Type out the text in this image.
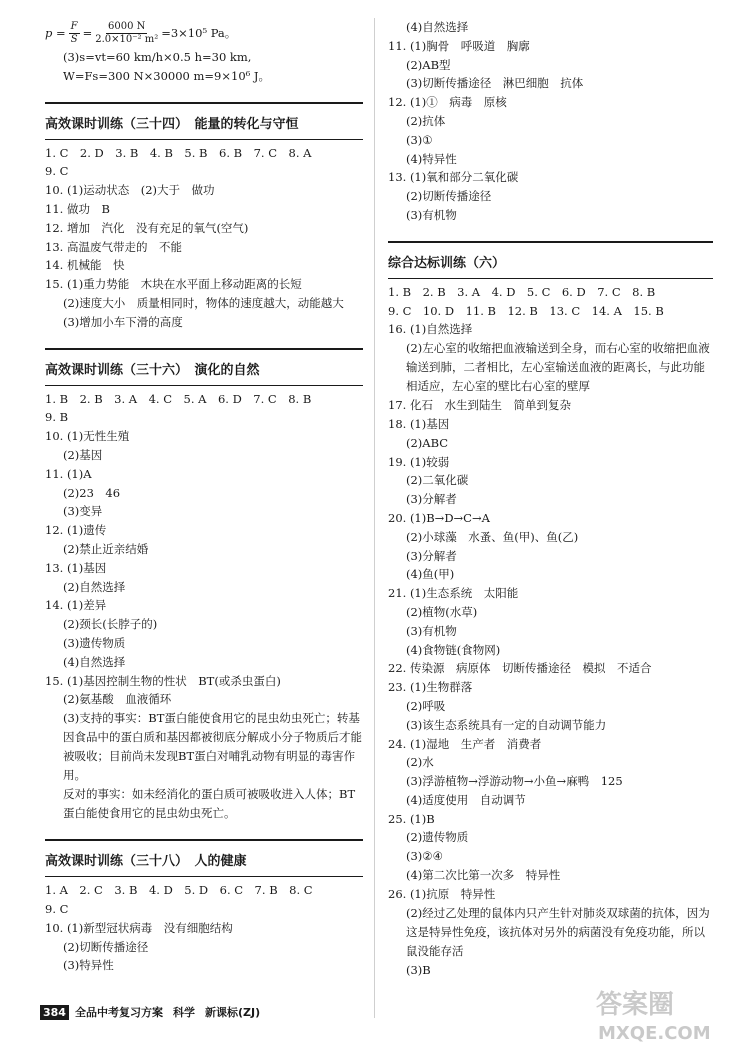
$p = \frac{F}{S} = \frac{6000 N}{\text{2.0×10⁻² m²}} =3\times 10^5$ Pa。
(3)s=vt=60 km/h×0.5 h=30 km,
W=Fs=300 N×30000 m=9×10⁶ J。
高效课时训练（三十四）　能量的转化与守恒
1. C　2. D　3. B　4. B　5. B　6. B　7. C　8. A
9. C
10. (1)运动状态　(2)大于　做功
11. 做功　B
12. 增加　汽化　没有充足的氧气(空气)
13. 高温废气带走的　不能
14. 机械能　快
15. (1)重力势能　木块在水平面上移动距离的长短
(2)速度大小　质量相同时，物体的速度越大，动能越大
(3)增加小车下滑的高度
高效课时训练（三十六）　演化的自然
1. B　2. B　3. A　4. C　5. A　6. D　7. C　8. B
9. B
10. (1)无性生殖
(2)基因
11. (1)A
(2)23　46
(3)变异
12. (1)遗传
(2)禁止近亲结婚
13. (1)基因
(2)自然选择
14. (1)差异
(2)颈长(长脖子的)
(3)遗传物质
(4)自然选择
15. (1)基因控制生物的性状　BT(或杀虫蛋白)
(2)氨基酸　血液循环
(3)支持的事实：BT蛋白能使食用它的昆虫幼虫死亡；转基因食品中的蛋白质和基因都被彻底分解成小分子物质后才能被吸收；目前尚未发现BT蛋白对哺乳动物有明显的毒害作用。
反对的事实：如未经消化的蛋白质可被吸收进入人体；BT蛋白能使食用它的昆虫幼虫死亡。
高效课时训练（三十八）　人的健康
1. A　2. C　3. B　4. D　5. D　6. C　7. B　8. C
9. C
10. (1)新型冠状病毒　没有细胞结构
(2)切断传播途径
(3)特异性
(4)自然选择
11. (1)胸骨　呼吸道　胸廓
(2)AB型
(3)切断传播途径　淋巴细胞　抗体
12. (1)①　病毒　原核
(2)抗体
(3)①
(4)特异性
13. (1)氧和部分二氧化碳
(2)切断传播途径
(3)有机物
综合达标训练（六）
1. B　2. B　3. A　4. D　5. C　6. D　7. C　8. B
9. C　10. D　11. B　12. B　13. C　14. A　15. B
16. (1)自然选择
(2)左心室的收缩把血液输送到全身，而右心室的收缩把血液输送到肺，二者相比，左心室输送血液的距离长，与此功能相适应，左心室的壁比右心室的壁厚
17. 化石　水生到陆生　简单到复杂
18. (1)基因
(2)ABC
19. (1)较弱
(2)二氧化碳
(3)分解者
20. (1)B→D→C→A
(2)小球藻　水蚤、鱼(甲)、鱼(乙)
(3)分解者
(4)鱼(甲)
21. (1)生态系统　太阳能
(2)植物(水草)
(3)有机物
(4)食物链(食物网)
22. 传染源　病原体　切断传播途径　模拟　不适合
23. (1)生物群落
(2)呼吸
(3)该生态系统具有一定的自动调节能力
24. (1)湿地　生产者　消费者
(2)水
(3)浮游植物→浮游动物→小鱼→麻鸭　125
(4)适度使用　自动调节
25. (1)B
(2)遗传物质
(3)②④
(4)第二次比第一次多　特异性
26. (1)抗原　特异性
(2)经过乙处理的鼠体内只产生针对肺炎双球菌的抗体，因为这是特异性免疫，该抗体对另外的病菌没有免疫功能，所以鼠没能存活
(3)B
384 全品中考复习方案 科学 新课标(ZJ)	答案圈
MXQE.COM
